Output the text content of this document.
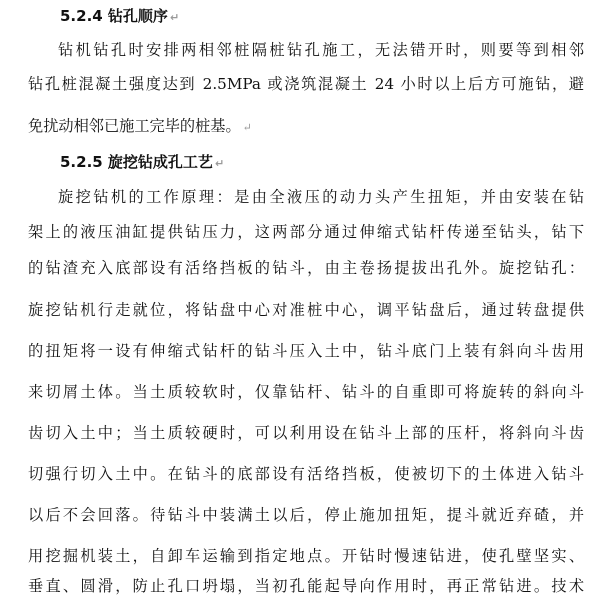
5.2.4 钻孔顺序 ↵
钻机钻孔时安排两相邻桩隔桩钻孔施工，无法错开时，则要等到相邻
钻孔桩混凝土强度达到 2.5MPa 或浇筑混凝土 24 小时以上后方可施钻，避
免扰动相邻已施工完毕的桩基。 ↵
5.2.5 旋挖钻成孔工艺 ↵
旋挖钻机的工作原理：是由全液压的动力头产生扭矩，并由安装在钻
架上的液压油缸提供钻压力，这两部分通过伸缩式钻杆传递至钻头，钻下
的钻渣充入底部设有活络挡板的钻斗，由主卷扬提拔出孔外。旋挖钻孔：
旋挖钻机行走就位，将钻盘中心对准桩中心，调平钻盘后，通过转盘提供
的扭矩将一设有伸缩式钻杆的钻斗压入土中，钻斗底门上装有斜向斗齿用
来切屑土体。当土质较软时，仅靠钻杆、钻斗的自重即可将旋转的斜向斗
齿切入土中；当土质较硬时，可以利用设在钻斗上部的压杆，将斜向斗齿
切强行切入土中。在钻斗的底部设有活络挡板，使被切下的土体进入钻斗
以后不会回落。待钻斗中装满土以后，停止施加扭矩，提斗就近弃碴，并
用挖掘机装土，自卸车运输到指定地点。开钻时慢速钻进，使孔壁坚实、
垂直、圆滑，防止孔口坍塌，当初孔能起导向作用时，再正常钻进。技术
